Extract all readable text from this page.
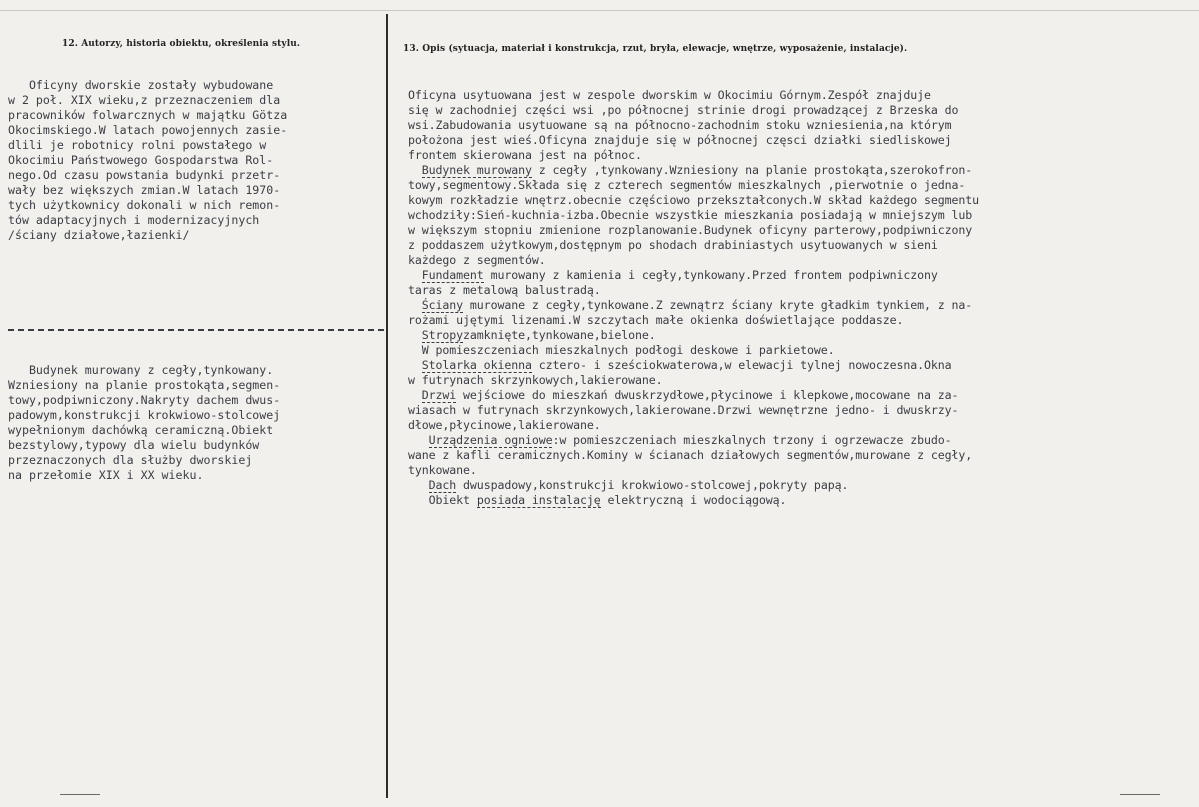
12. Autorzy, historia obiektu, określenia stylu.	13. Opis (sytuacja, materiał i konstrukcja, rzut, bryła, elewacje, wnętrze, wyposażenie, instalacje).
Oficyny dworskie zostały wybudowane
w 2 poł. XIX wieku,z przeznaczeniem dla
pracowników folwarcznych w majątku Götza
Okocimskiego.W latach powojennych zasie-
dlili je robotnicy rolni powstałego w
Okocimiu Państwowego Gospodarstwa Rol-
nego.Od czasu powstania budynki przetr-
wały bez większych zmian.W latach 1970-
tych użytkownicy dokonali w nich remon-
tów adaptacyjnych i modernizacyjnych
/ściany działowe,łazienki/
Budynek murowany z cegły,tynkowany.
Wzniesiony na planie prostokąta,segmen-
towy,podpiwniczony.Nakryty dachem dwus-
padowym,konstrukcji krokwiowo-stolcowej
wypełnionym dachówką ceramiczną.Obiekt
bezstylowy,typowy dla wielu budynków
przeznaczonych dla służby dworskiej
na przełomie XIX i XX wieku.
Oficyna usytuowana jest w zespole dworskim w Okocimiu Górnym.Zespół znajduje
się w zachodniej części wsi ,po północnej strinie drogi prowadzącej z Brzeska do
wsi.Zabudowania usytuowane są na północno-zachodnim stoku wzniesienia,na którym
położona jest wieś.Oficyna znajduje się w północnej częsci działki siedliskowej
frontem skierowana jest na północ.
Budynek murowany z cegły ,tynkowany.Wzniesiony na planie prostokąta,szerokofron-
towy,segmentowy.Składa się z czterech segmentów mieszkalnych ,pierwotnie o jedna-
kowym rozkładzie wnętrz.obecnie częściowo przekształconych.W skład każdego segmentu
wchodziły:Sień-kuchnia-izba.Obecnie wszystkie mieszkania posiadają w mniejszym lub
w większym stopniu zmienione rozplanowanie.Budynek oficyny parterowy,podpiwniczony
z poddaszem użytkowym,dostępnym po shodach drabiniastych usytuowanych w sieni
każdego z segmentów.
Fundament murowany z kamienia i cegły,tynkowany.Przed frontem podpiwniczony
taras z metalową balustradą.
Ściany murowane z cegły,tynkowane.Z zewnątrz ściany kryte gładkim tynkiem, z na-
rożami ujętymi lizenami.W szczytach małe okienka doświetlające poddasze.
Stropyzamknięte,tynkowane,bielone.
W pomieszczeniach mieszkalnych podłogi deskowe i parkietowe.
Stolarka okienna cztero- i sześciokwaterowa,w elewacji tylnej nowoczesna.Okna
w futrynach skrzynkowych,lakierowane.
Drzwi wejściowe do mieszkań dwuskrzydłowe,płycinowe i klepkowe,mocowane na za-
wiasach w futrynach skrzynkowych,lakierowane.Drzwi wewnętrzne jedno- i dwuskrzy-
dłowe,płycinowe,lakierowane.
Urządzenia ogniowe:w pomieszczeniach mieszkalnych trzony i ogrzewacze zbudo-
wane z kafli ceramicznych.Kominy w ścianach działowych segmentów,murowane z cegły,
tynkowane.
Dach dwuspadowy,konstrukcji krokwiowo-stolcowej,pokryty papą.
Obiekt posiada instalację elektryczną i wodociągową.
